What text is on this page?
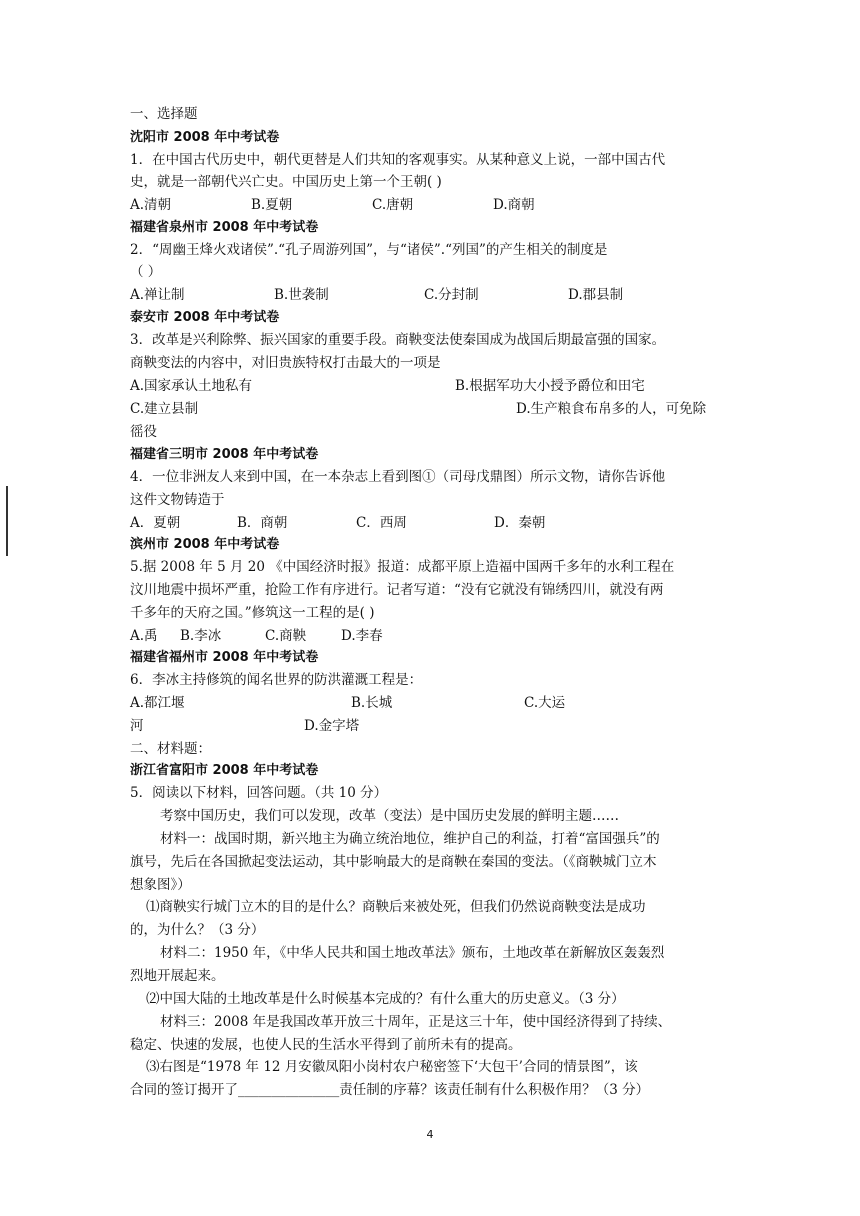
一、选择题
沈阳市 2008 年中考试卷
1．在中国古代历史中，朝代更替是人们共知的客观事实。从某种意义上说，一部中国古代
史，就是一部朝代兴亡史。中国历史上第一个王朝( )
A.清朝	B.夏朝	C.唐朝	D.商朝
福建省泉州市 2008 年中考试卷
2．“周幽王烽火戏诸侯”.“孔子周游列国”，与“诸侯”.“列国”的产生相关的制度是
（ ）
A.禅让制	B.世袭制	C.分封制	D.郡县制
泰安市 2008 年中考试卷
3．改革是兴利除弊、振兴国家的重要手段。商鞅变法使秦国成为战国后期最富强的国家。
商鞅变法的内容中，对旧贵族特权打击最大的一项是
A.国家承认土地私有	B.根据军功大小授予爵位和田宅
C.建立县制	D.生产粮食布帛多的人，可免除
徭役
福建省三明市 2008 年中考试卷
4．一位非洲友人来到中国，在一本杂志上看到图①（司母戊鼎图）所示文物，请你告诉他
这件文物铸造于
A．夏朝	B．商朝	C．西周	D．秦朝
滨州市 2008 年中考试卷
5.据 2008 年 5 月 20 《中国经济时报》报道：成都平原上造福中国两千多年的水利工程在
汶川地震中损坏严重，抢险工作有序进行。记者写道：“没有它就没有锦绣四川，就没有两
千多年的天府之国。”修筑这一工程的是( )
A.禹 B.李冰	C.商鞅	D.李春
福建省福州市 2008 年中考试卷
6．李冰主持修筑的闻名世界的防洪灌溉工程是：
A.都江堰	B.长城	C.大运
河	D.金字塔
二、材料题：
浙江省富阳市 2008 年中考试卷
5．阅读以下材料，回答问题。（共 10 分）
考察中国历史，我们可以发现，改革（变法）是中国历史发展的鲜明主题……
材料一：战国时期，新兴地主为确立统治地位，维护自己的利益，打着“富国强兵”的
旗号，先后在各国掀起变法运动，其中影响最大的是商鞅在秦国的变法。（《商鞅城门立木
想象图》）
⑴商鞅实行城门立木的目的是什么？商鞅后来被处死，但我们仍然说商鞅变法是成功
的，为什么？（3 分）
材料二：1950 年，《中华人民共和国土地改革法》颁布，土地改革在新解放区轰轰烈
烈地开展起来。
⑵中国大陆的土地改革是什么时候基本完成的？有什么重大的历史意义。（3 分）
材料三：2008 年是我国改革开放三十周年，正是这三十年，使中国经济得到了持续、
稳定、快速的发展，也使人民的生活水平得到了前所未有的提高。
⑶右图是“1978 年 12 月安徽凤阳小岗村农户秘密签下‘大包干’合同的情景图”，该
合同的签订揭开了_______________责任制的序幕？该责任制有什么积极作用？（3 分）
4
